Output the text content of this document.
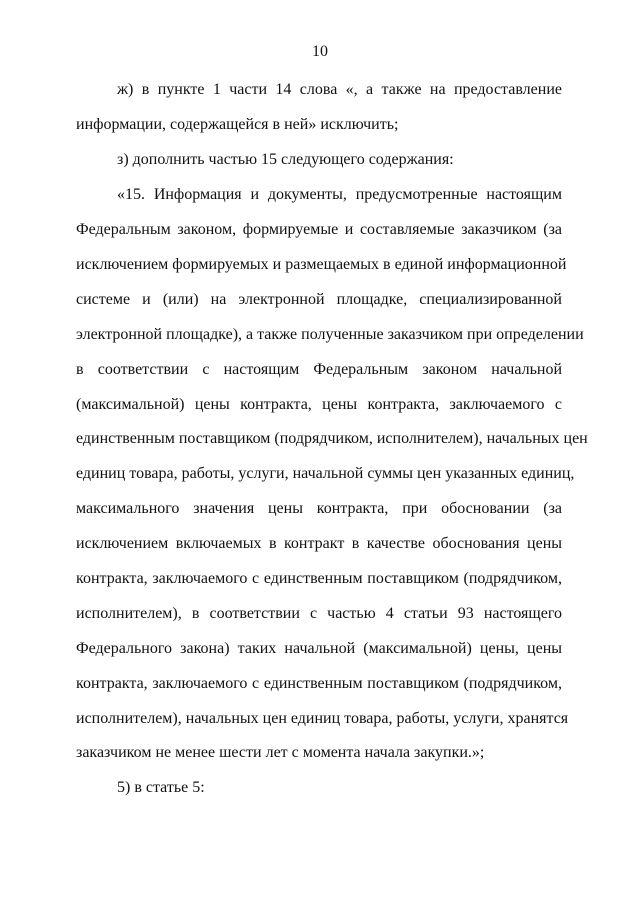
10
ж) в пункте 1 части 14 слова «, а также на предоставление
информации, содержащейся в ней» исключить;
з) дополнить частью 15 следующего содержания:
«15. Информация и документы, предусмотренные настоящим
Федеральным законом, формируемые и составляемые заказчиком (за
исключением формируемых и размещаемых в единой информационной
системе и (или) на электронной площадке, специализированной
электронной площадке), а также полученные заказчиком при определении
в соответствии с настоящим Федеральным законом начальной
(максимальной) цены контракта, цены контракта, заключаемого с
единственным поставщиком (подрядчиком, исполнителем), начальных цен
единиц товара, работы, услуги, начальной суммы цен указанных единиц,
максимального значения цены контракта, при обосновании (за
исключением включаемых в контракт в качестве обоснования цены
контракта, заключаемого с единственным поставщиком (подрядчиком,
исполнителем), в соответствии с частью 4 статьи 93 настоящего
Федерального закона) таких начальной (максимальной) цены, цены
контракта, заключаемого с единственным поставщиком (подрядчиком,
исполнителем), начальных цен единиц товара, работы, услуги, хранятся
заказчиком не менее шести лет с момента начала закупки.»;
5) в статье 5:
